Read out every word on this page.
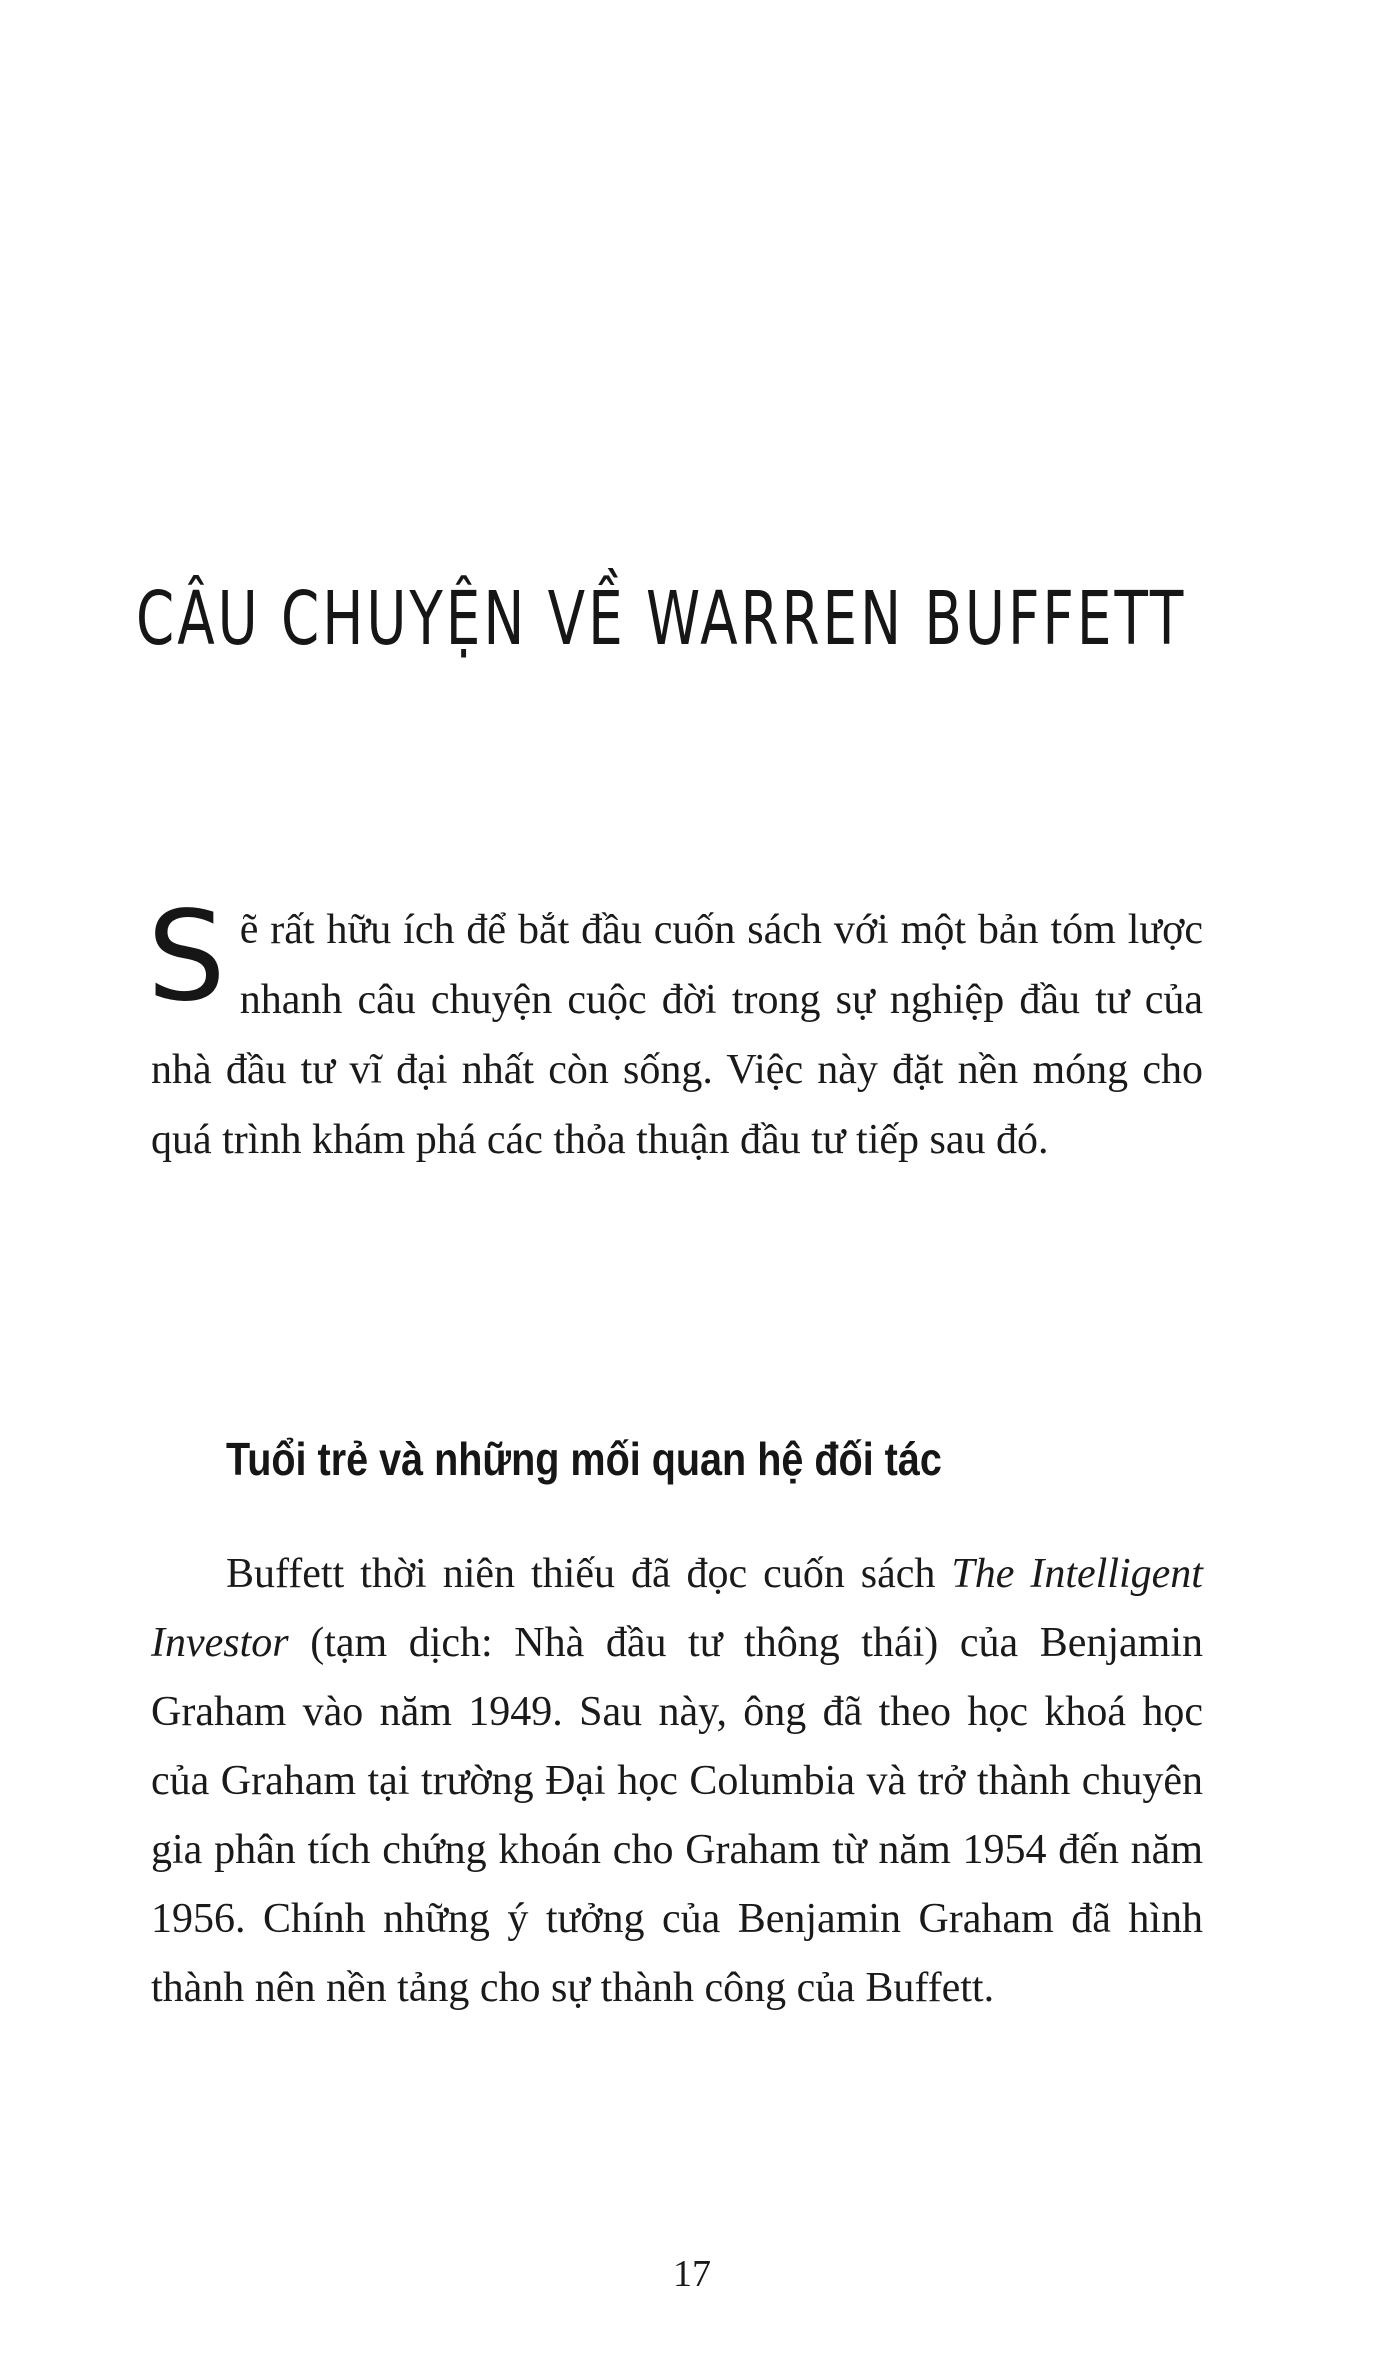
CÂU CHUYỆN VỀ WARREN BUFFETT

Sẽ rất hữu ích để bắt đầu cuốn sách với một bản tóm lược nhanh câu chuyện cuộc đời trong sự nghiệp đầu tư của nhà đầu tư vĩ đại nhất còn sống. Việc này đặt nền móng cho quá trình khám phá các thỏa thuận đầu tư tiếp sau đó.

Tuổi trẻ và những mối quan hệ đối tác

Buffett thời niên thiếu đã đọc cuốn sách The Intelligent Investor (tạm dịch: Nhà đầu tư thông thái) của Benjamin Graham vào năm 1949. Sau này, ông đã theo học khoá học của Graham tại trường Đại học Columbia và trở thành chuyên gia phân tích chứng khoán cho Graham từ năm 1954 đến năm 1956. Chính những ý tưởng của Benjamin Graham đã hình thành nên nền tảng cho sự thành công của Buffett.

17
